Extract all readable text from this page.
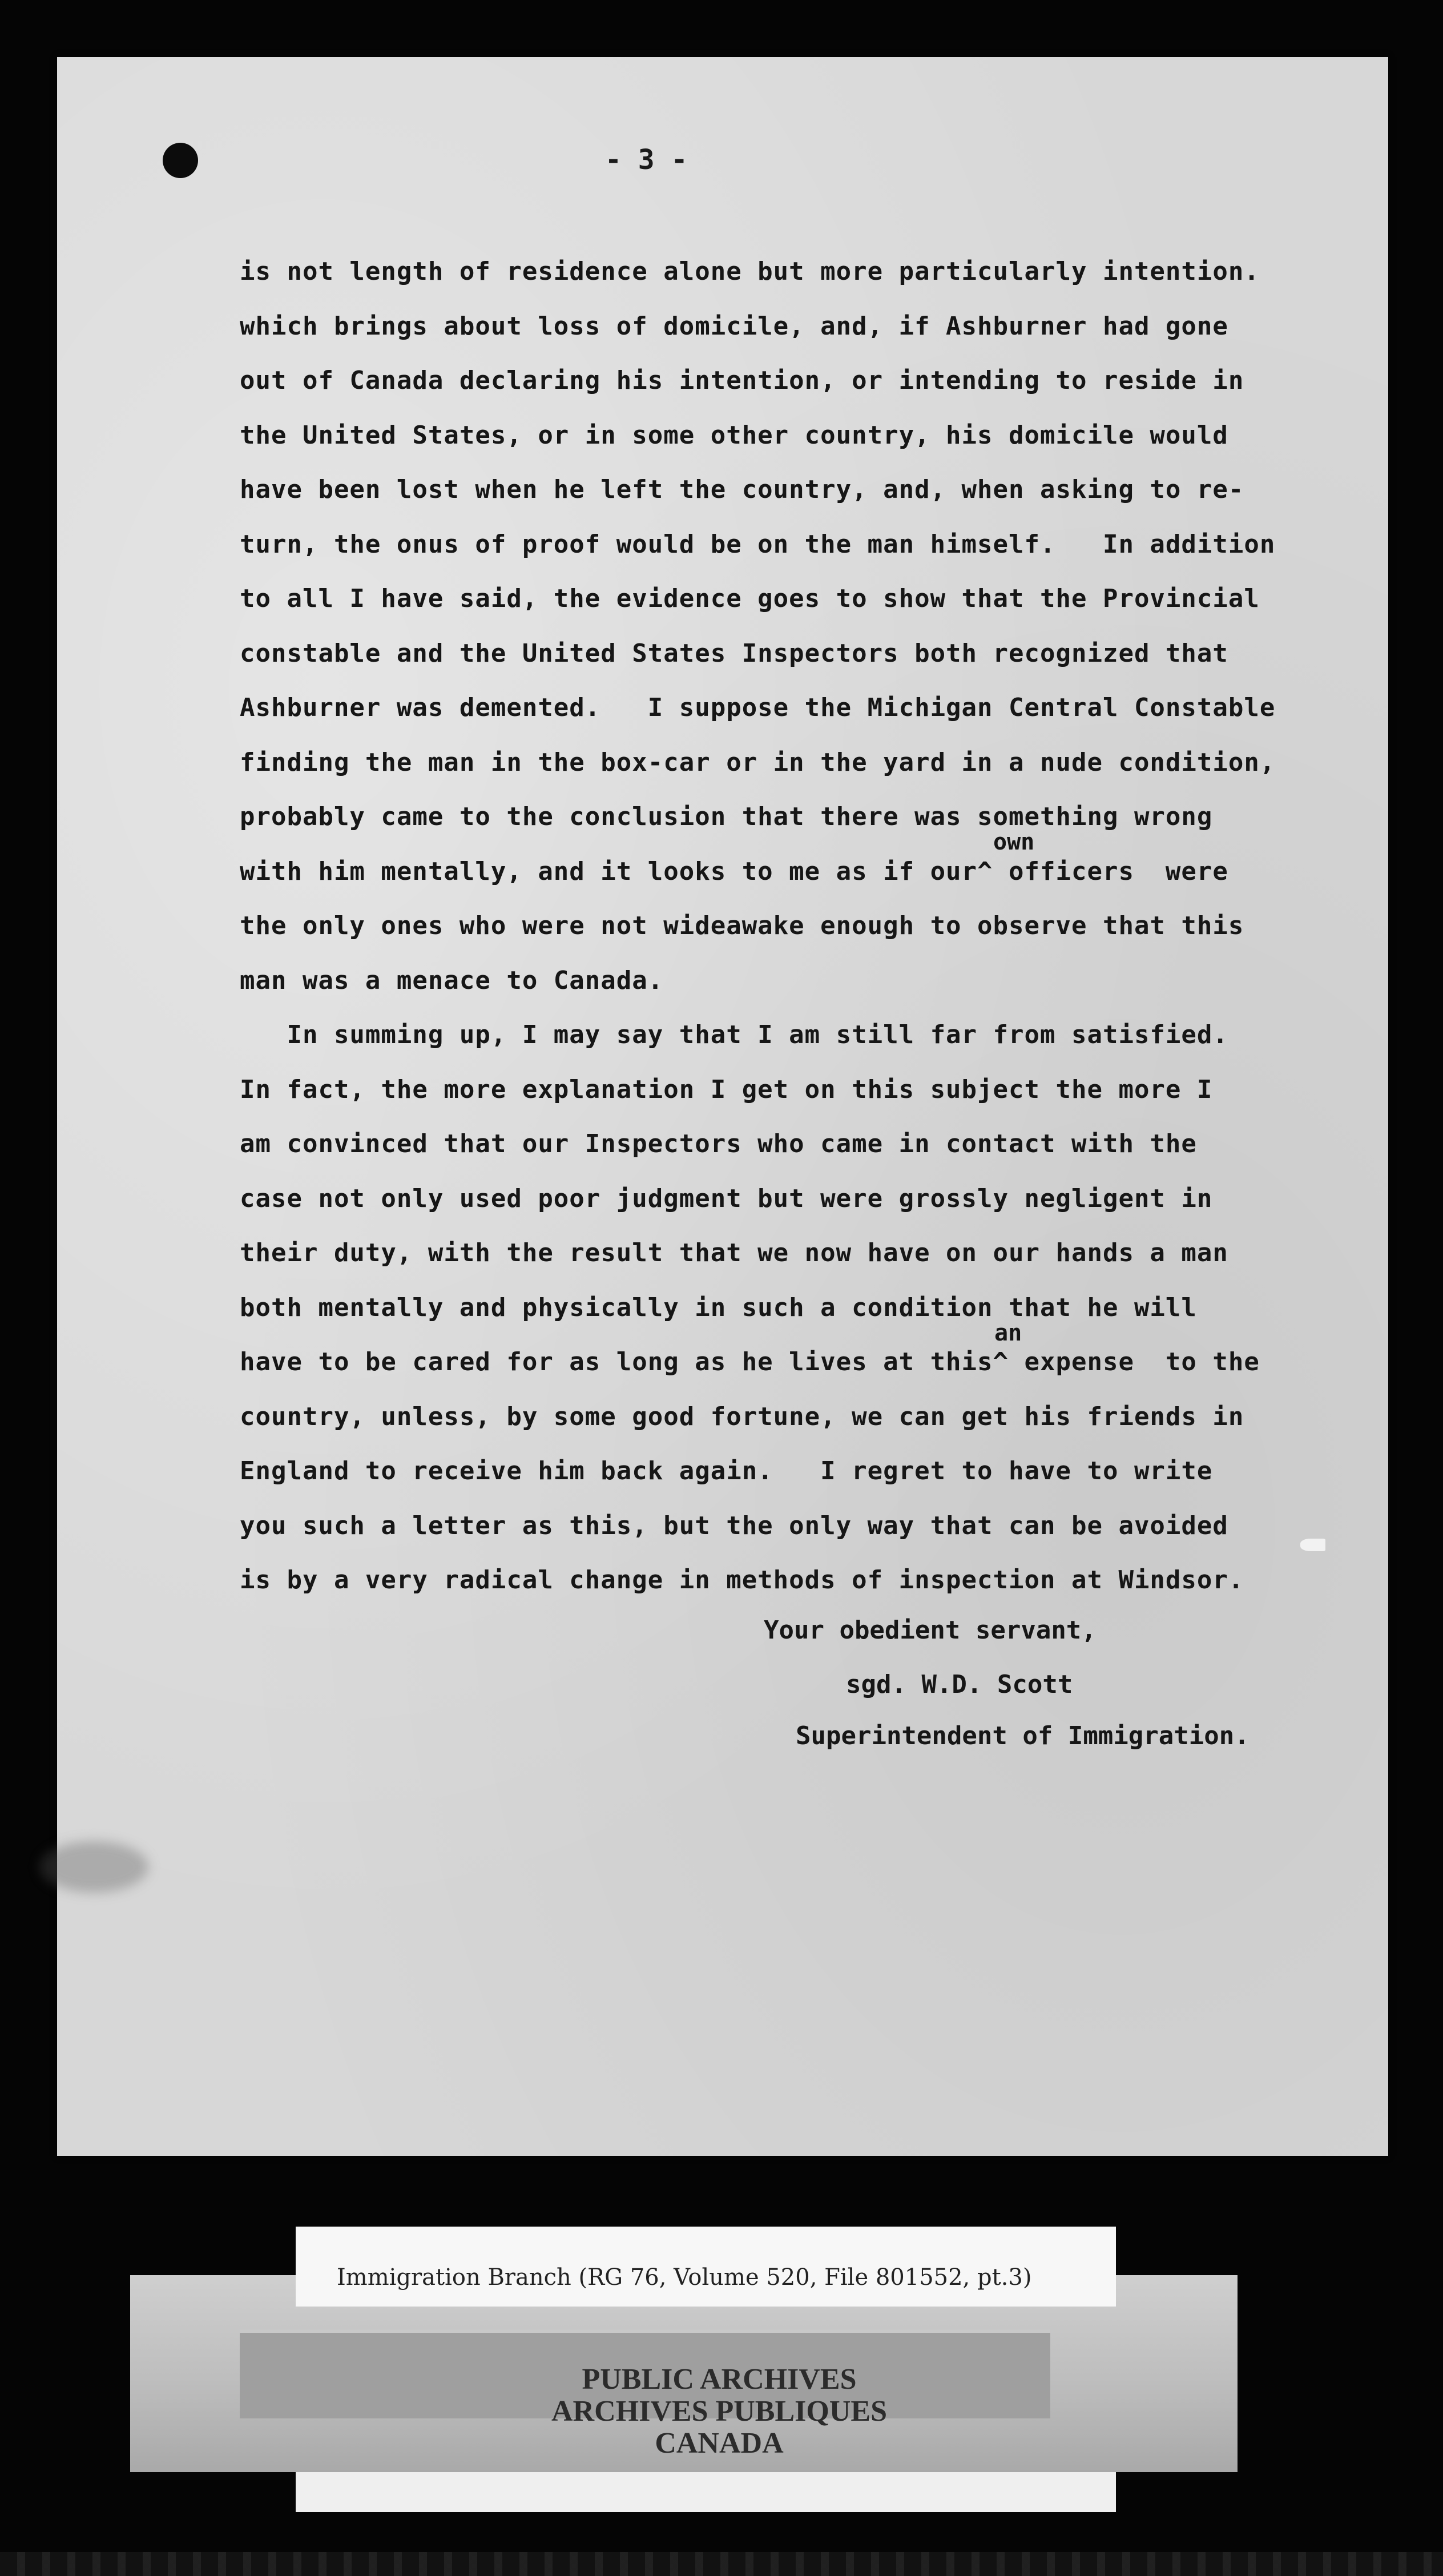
- 3 -
is not length of residence alone but more particularly intention.
which brings about loss of domicile, and, if Ashburner had gone
out of Canada declaring his intention, or intending to reside in
the United States, or in some other country, his domicile would
have been lost when he left the country, and, when asking to re-
turn, the onus of proof would be on the man himself.   In addition
to all I have said, the evidence goes to show that the Provincial
constable and the United States Inspectors both recognized that
Ashburner was demented.   I suppose the Michigan Central Constable
finding the man in the box-car or in the yard in a nude condition,
probably came to the conclusion that there was something wrong
with him mentally, and it looks to me as if our^ officers  were
the only ones who were not wideawake enough to observe that this
man was a menace to Canada.
In summing up, I may say that I am still far from satisfied.
In fact, the more explanation I get on this subject the more I
am convinced that our Inspectors who came in contact with the
case not only used poor judgment but were grossly negligent in
their duty, with the result that we now have on our hands a man
both mentally and physically in such a condition that he will
have to be cared for as long as he lives at this^ expense  to the
country, unless, by some good fortune, we can get his friends in
England to receive him back again.   I regret to have to write
you such a letter as this, but the only way that can be avoided
is by a very radical change in methods of inspection at Windsor.
own
an
Your obedient servant,
sgd. W.D. Scott
Superintendent of Immigration.
Immigration Branch (RG 76, Volume 520, File 801552, pt.3)
PUBLIC ARCHIVES
ARCHIVES PUBLIQUES
CANADA
